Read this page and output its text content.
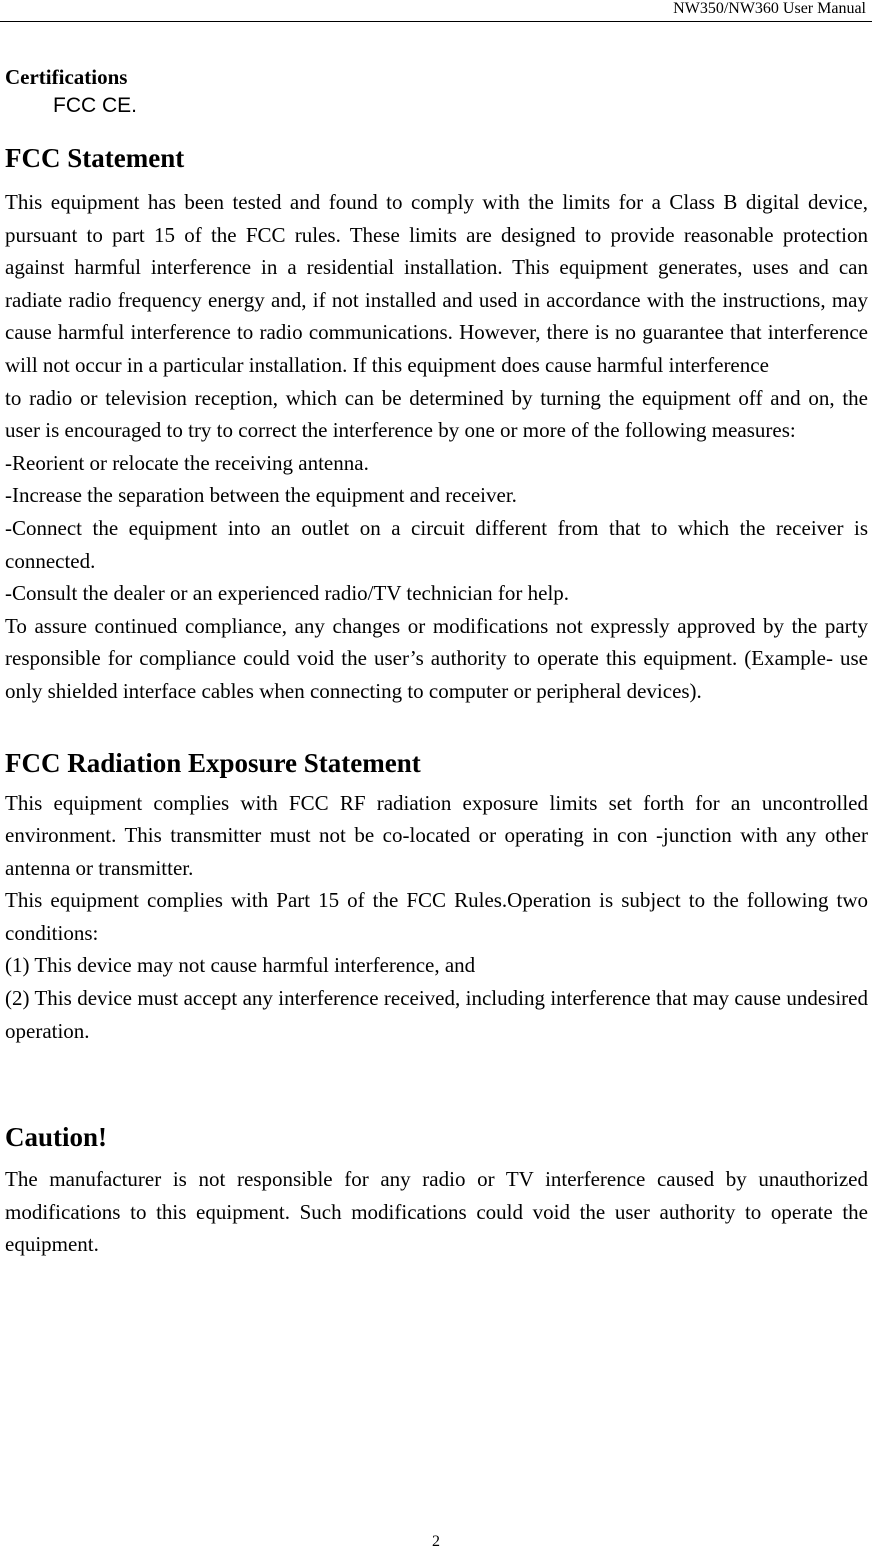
NW350/NW360 User Manual

Certifications

FCC CE.

FCC Statement

This equipment has been tested and found to comply with the limits for a Class B digital device, pursuant to part 15 of the FCC rules. These limits are designed to provide reasonable protection against harmful interference in a residential installation. This equipment generates, uses and can radiate radio frequency energy and, if not installed and used in accordance with the instructions, may cause harmful interference to radio communications. However, there is no guarantee that interference will not occur in a particular installation. If this equipment does cause harmful interference

to radio or television reception, which can be determined by turning the equipment off and on, the user is encouraged to try to correct the interference by one or more of the following measures:

-Reorient or relocate the receiving antenna.

-Increase the separation between the equipment and receiver.

-Connect the equipment into an outlet on a circuit different from that to which the receiver is connected.

-Consult the dealer or an experienced radio/TV technician for help.

To assure continued compliance, any changes or modifications not expressly approved by the party responsible for compliance could void the user’s authority to operate this equipment. (Example- use only shielded interface cables when connecting to computer or peripheral devices).

FCC Radiation Exposure Statement

This equipment complies with FCC RF radiation exposure limits set forth for an uncontrolled environment. This transmitter must not be co-located or operating in con -junction with any other antenna or transmitter.

This equipment complies with Part 15 of the FCC Rules.Operation is subject to the following two conditions:

(1) This device may not cause harmful interference, and

(2) This device must accept any interference received, including interference that may cause undesired operation.

Caution!

The manufacturer is not responsible for any radio or TV interference caused by unauthorized modifications to this equipment. Such modifications could void the user authority to operate the equipment.

2
